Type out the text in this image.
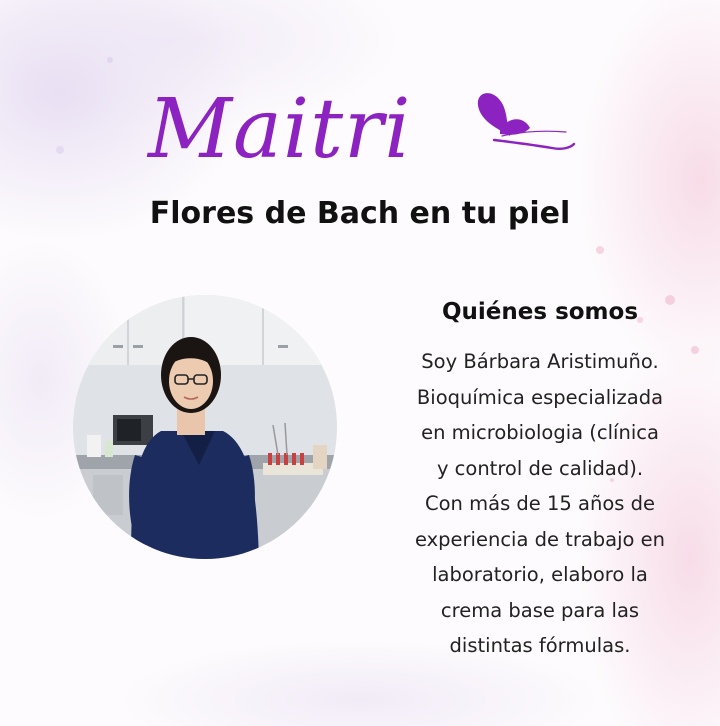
Maitri
Flores de Bach en tu piel
Quiénes somos
Soy Bárbara Aristimuño.
Bioquímica especializada
en microbiologia (clínica
y control de calidad).
Con más de 15 años de
experiencia de trabajo en
laboratorio, elaboro la
crema base para las
distintas fórmulas.
